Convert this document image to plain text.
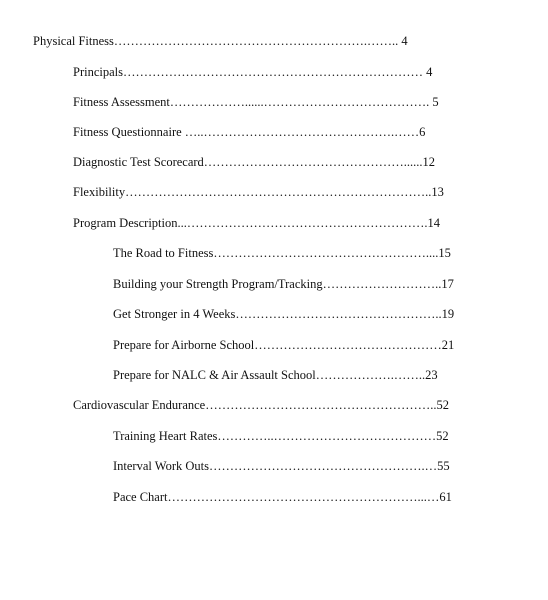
Physical Fitness…………………………………………………….…….. 4
Principals……………………………………………………………… 4
Fitness Assessment………………......…………………………………. 5
Fitness Questionnaire …..……………………………………….……6
Diagnostic Test Scorecard…………………………………………......12
Flexibility………………………………………………………………..13
Program Description...………………………………………………….14
The Road to Fitness……………………………………………....15
Building your Strength Program/Tracking………………………..17
Get Stronger in 4 Weeks…………………………………………..19
Prepare for Airborne School………………………………………21
Prepare for NALC & Air Assault School……………….……..23
Cardiovascular Endurance………………………………………………..52
Training Heart Rates…………..…………………………………52
Interval Work Outs…………………………………………….…55
Pace Chart……………………………………………………...…61
